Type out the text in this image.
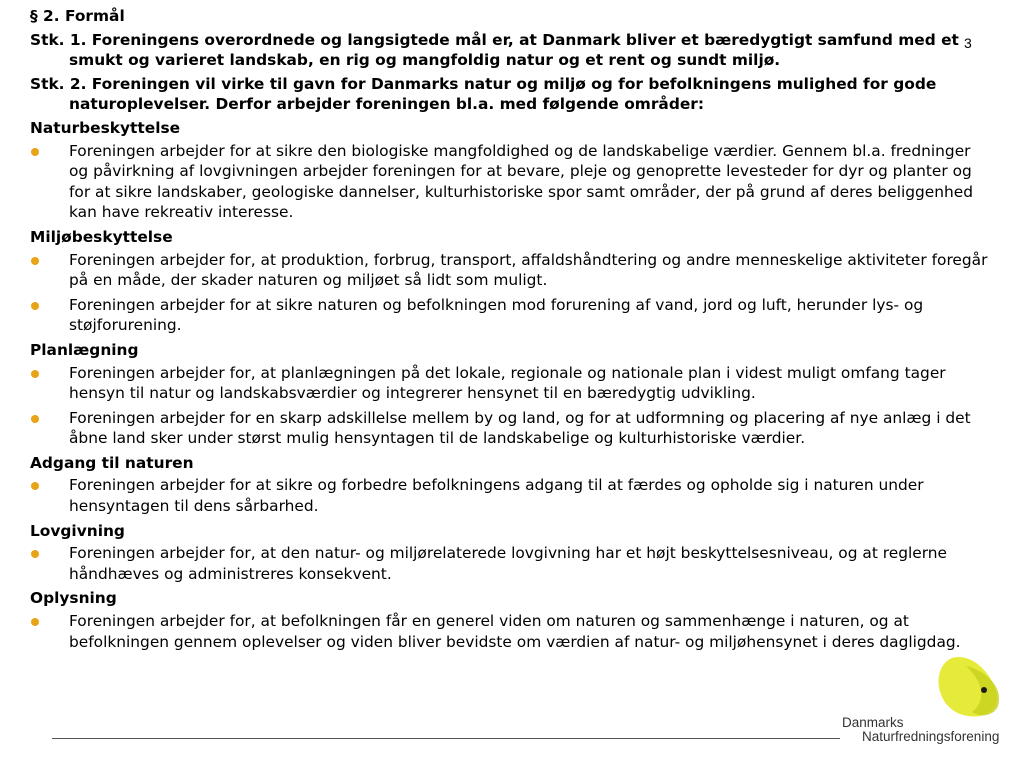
3

§ 2. Formål

Stk. 1. Foreningens overordnede og langsigtede mål er, at Danmark bliver et bæredygtigt samfund med et smukt og varieret landskab, en rig og mangfoldig natur og et rent og sundt miljø.

Stk. 2. Foreningen vil virke til gavn for Danmarks natur og miljø og for befolkningens mulighed for gode naturoplevelser. Derfor arbejder foreningen bl.a. med følgende områder:

Naturbeskyttelse

Foreningen arbejder for at sikre den biologiske mangfoldighed og de landskabelige værdier. Gennem bl.a. fredninger og påvirkning af lovgivningen arbejder foreningen for at bevare, pleje og genoprette levesteder for dyr og planter og for at sikre landskaber, geologiske dannelser, kulturhistoriske spor samt områder, der på grund af deres beliggenhed kan have rekreativ interesse.

Miljøbeskyttelse

Foreningen arbejder for, at produktion, forbrug, transport, affaldshåndtering og andre menneskelige aktiviteter foregår på en måde, der skader naturen og miljøet så lidt som muligt.
Foreningen arbejder for at sikre naturen og befolkningen mod forurening af vand, jord og luft, herunder lys- og støjforurening.

Planlægning

Foreningen arbejder for, at planlægningen på det lokale, regionale og nationale plan i videst muligt omfang tager hensyn til natur og landskabsværdier og integrerer hensynet til en bæredygtig udvikling.
Foreningen arbejder for en skarp adskillelse mellem by og land, og for at udformning og placering af nye anlæg i det åbne land sker under størst mulig hensyntagen til de landskabelige og kulturhistoriske værdier.

Adgang til naturen

Foreningen arbejder for at sikre og forbedre befolkningens adgang til at færdes og opholde sig i naturen under hensyntagen til dens sårbarhed.

Lovgivning

Foreningen arbejder for, at den natur- og miljørelaterede lovgivning har et højt beskyttelsesniveau, og at reglerne håndhæves og administreres konsekvent.

Oplysning

Foreningen arbejder for, at befolkningen får en generel viden om naturen og sammenhænge i naturen, og at befolkningen gennem oplevelser og viden bliver bevidste om værdien af natur- og miljøhensynet i deres dagligdag.
Danmarks
Naturfredningsforening
